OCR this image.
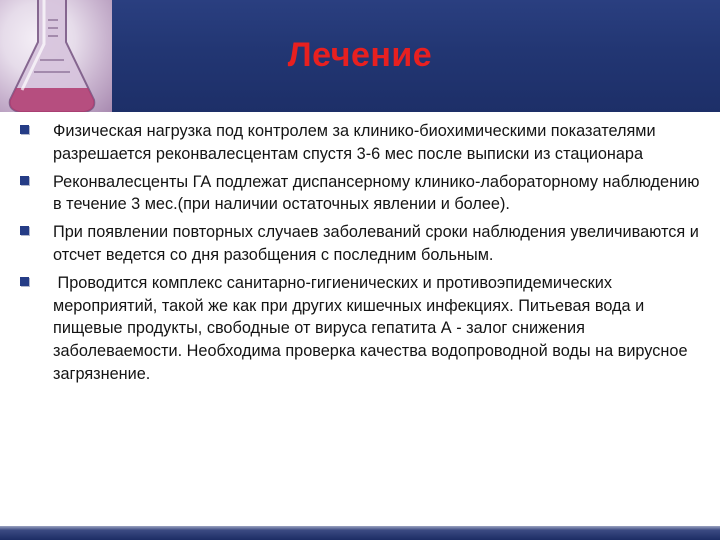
Лечение
Физическая нагрузка под контролем за клинико-биохимическими показателями разрешается реконвалесцентам спустя 3-6 мес после выписки из стационара
Реконвалесценты ГА подлежат диспансерному клинико-лабораторному наблюдению в течение 3 мес.(при наличии остаточных явлении и более).
При появлении повторных случаев заболеваний сроки наблюдения увеличиваются и отсчет ведется со дня разобщения с последним больным.
Проводится комплекс санитарно-гигиенических и противоэпидемических мероприятий, такой же как при других кишечных инфекциях. Питьевая вода и пищевые продукты, свободные от вируса гепатита А - залог снижения заболеваемости. Необходима проверка качества водопроводной воды на вирусное загрязнение.
